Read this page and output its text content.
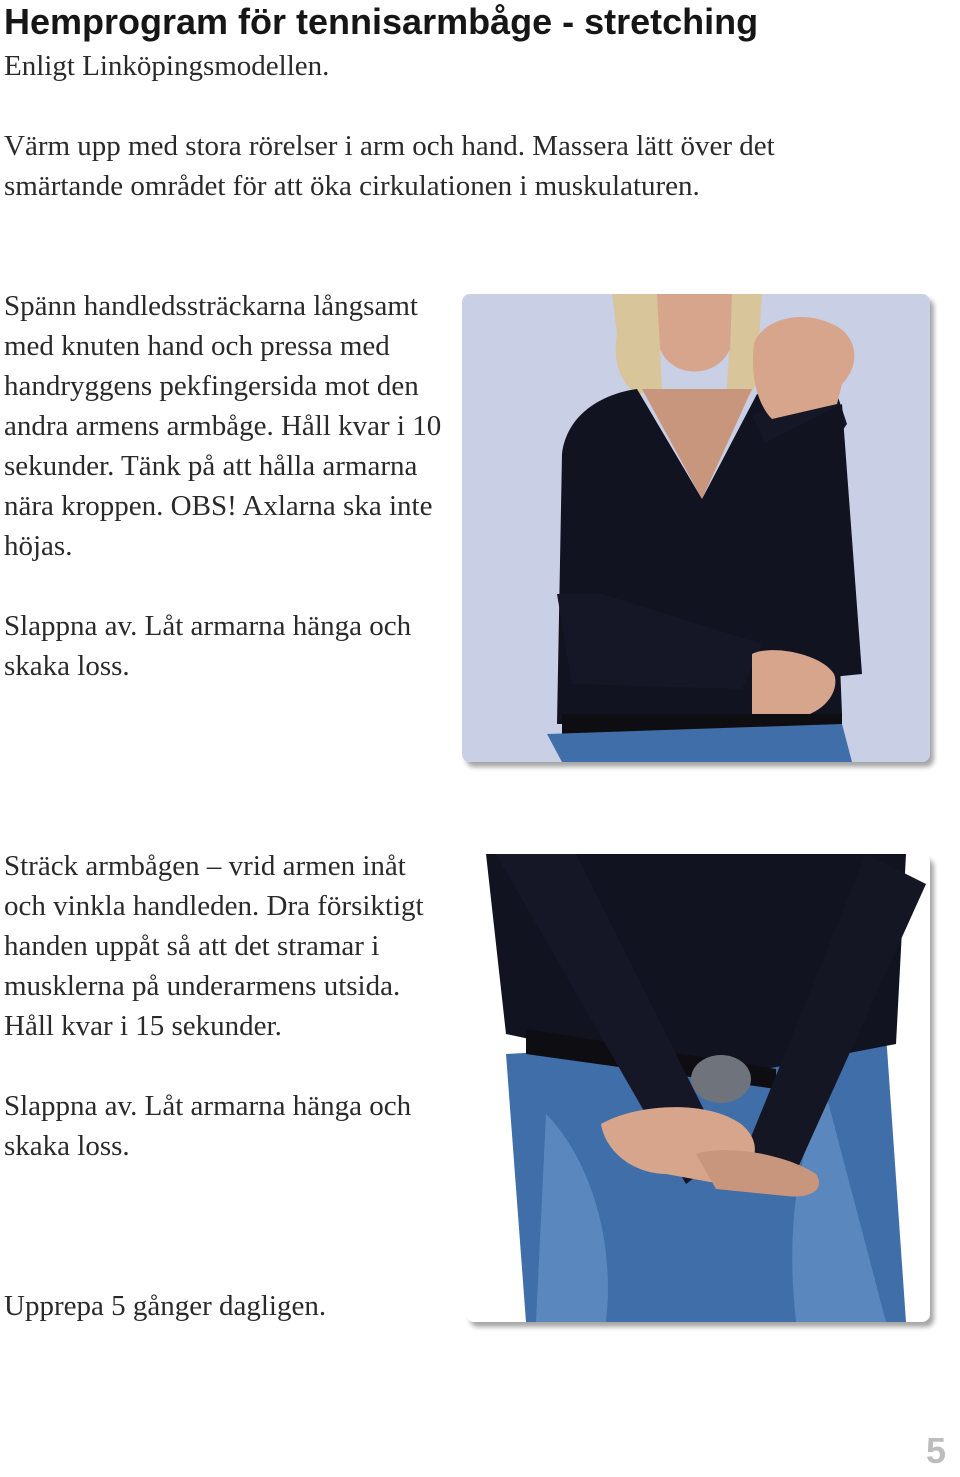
Hemprogram för tennisarmbåge - stretching
Enligt Linköpingsmodellen.
Värm upp med stora rörelser i arm och hand. Massera lätt över det smärtande området för att öka cirkulationen i muskulaturen.

Spänn handledssträckarna långsamt med knuten hand och pressa med handryggens pekfingersida mot den andra armens armbåge. Håll kvar i 10 sekunder. Tänk på att hålla armarna nära kroppen. OBS! Axlarna ska inte höjas.

Slappna av. Låt armarna hänga och skaka loss.

Sträck armbågen – vrid armen inåt och vinkla handleden. Dra försiktigt handen uppåt så att det stramar i musklerna på underarmens utsida. Håll kvar i 15 sekunder.

Slappna av. Låt armarna hänga och skaka loss.

Upprepa 5 gånger dagligen.
5
